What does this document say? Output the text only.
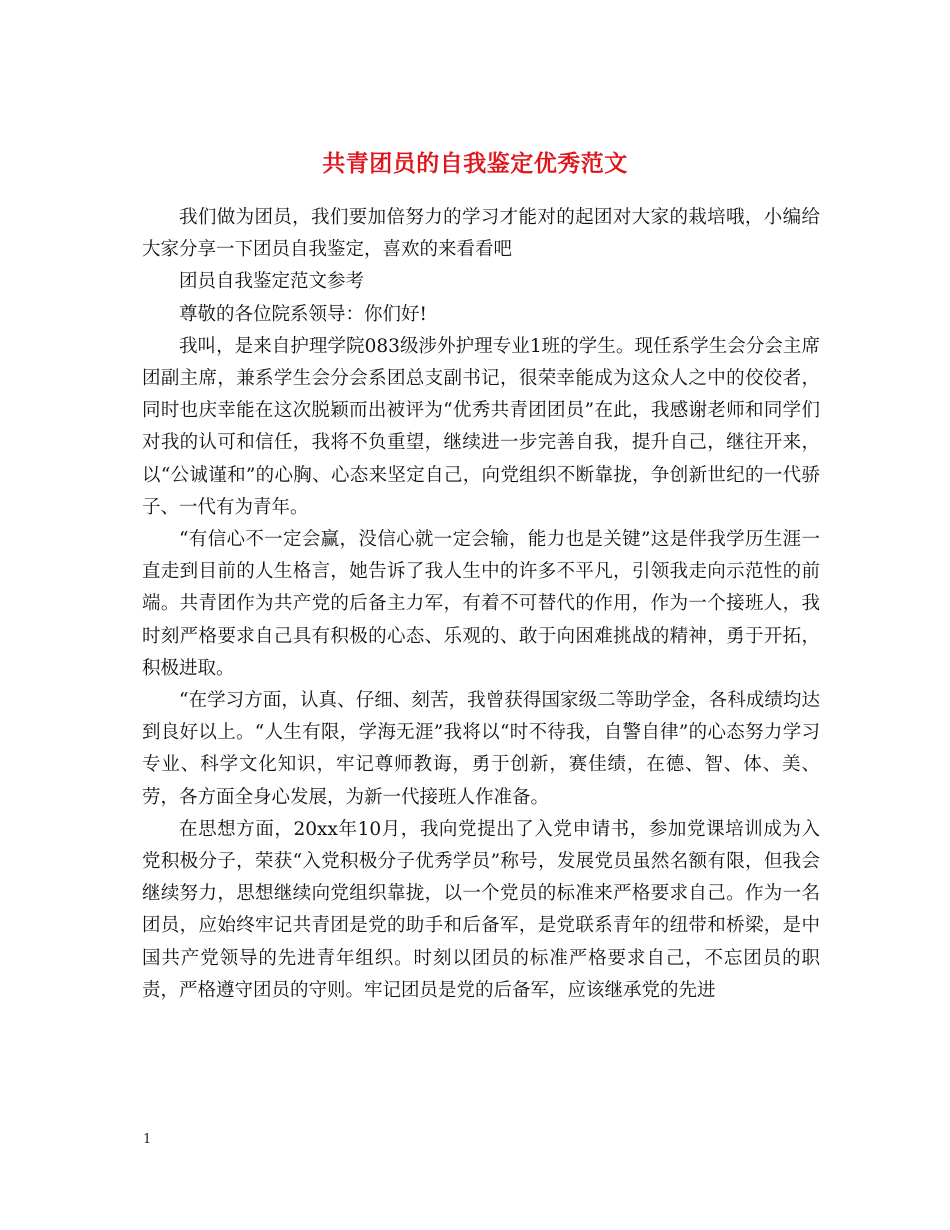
共青团员的自我鉴定优秀范文

我们做为团员，我们要加倍努力的学习才能对的起团对大家的栽培哦，小编给大家分享一下团员自我鉴定，喜欢的来看看吧

团员自我鉴定范文参考

尊敬的各位院系领导：你们好!

我叫，是来自护理学院083级涉外护理专业1班的学生。现任系学生会分会主席团副主席，兼系学生会分会系团总支副书记，很荣幸能成为这众人之中的佼佼者，同时也庆幸能在这次脱颖而出被评为“优秀共青团团员”在此，我感谢老师和同学们对我的认可和信任，我将不负重望，继续进一步完善自我，提升自己，继往开来，以“公诚谨和”的心胸、心态来坚定自己，向党组织不断靠拢，争创新世纪的一代骄子、一代有为青年。

“有信心不一定会赢，没信心就一定会输，能力也是关键”这是伴我学历生涯一直走到目前的人生格言，她告诉了我人生中的许多不平凡，引领我走向示范性的前端。共青团作为共产党的后备主力军，有着不可替代的作用，作为一个接班人，我时刻严格要求自己具有积极的心态、乐观的、敢于向困难挑战的精神，勇于开拓，积极进取。

“在学习方面，认真、仔细、刻苦，我曾获得国家级二等助学金，各科成绩均达到良好以上。“人生有限，学海无涯”我将以“时不待我，自警自律”的心态努力学习专业、科学文化知识，牢记尊师教诲，勇于创新，赛佳绩，在德、智、体、美、劳，各方面全身心发展，为新一代接班人作准备。

在思想方面，20xx年10月，我向党提出了入党申请书，参加党课培训成为入党积极分子，荣获“入党积极分子优秀学员”称号，发展党员虽然名额有限，但我会继续努力，思想继续向党组织靠拢，以一个党员的标准来严格要求自己。作为一名团员，应始终牢记共青团是党的助手和后备军，是党联系青年的纽带和桥梁，是中国共产党领导的先进青年组织。时刻以团员的标准严格要求自己，不忘团员的职责，严格遵守团员的守则。牢记团员是党的后备军，应该继承党的先进

1
